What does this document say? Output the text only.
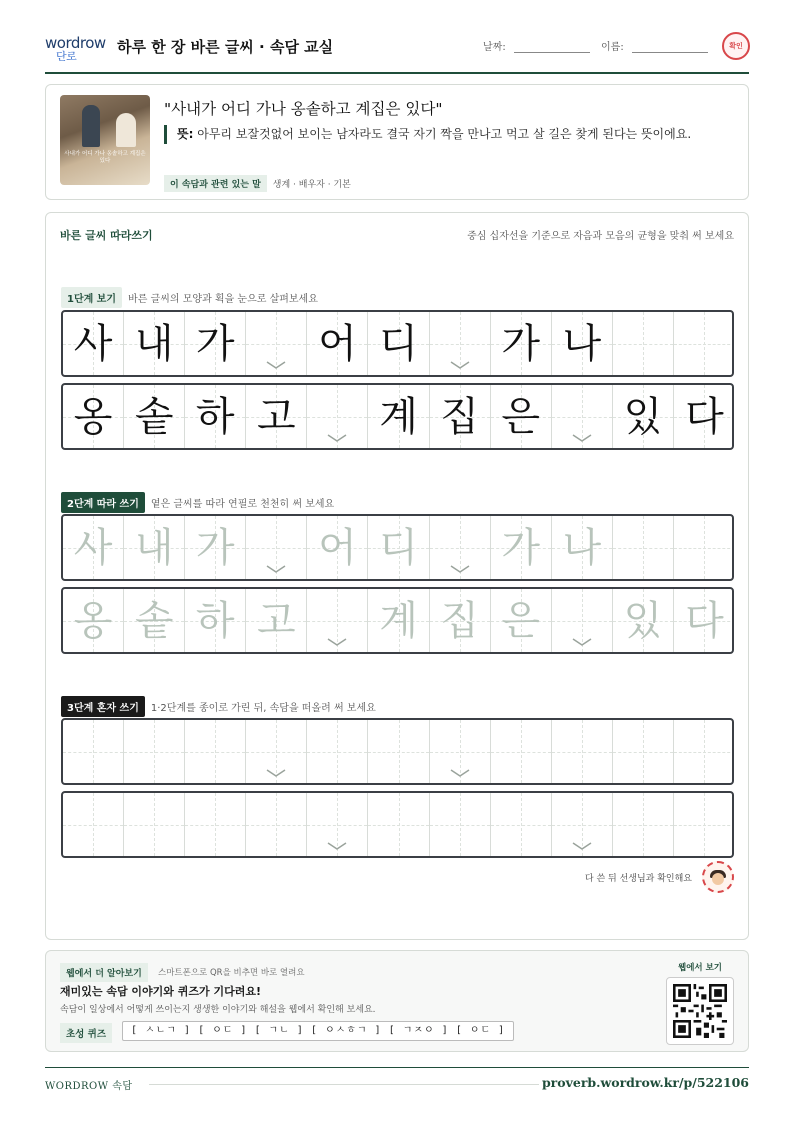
wordrow
단로
하루 한 장 바른 글씨 · 속담 교실	날짜:	이름:	확인
사내가 어디 가나 옹솥하고 계집은 있다
"사내가 어디 가나 옹솥하고 계집은 있다"
뜻: 아무리 보잘것없어 보이는 남자라도 결국 자기 짝을 만나고 먹고 살 길은 찾게 된다는 뜻이에요.
이 속담과 관련 있는 말 생계 · 배우자 · 기본
바른 글씨 따라쓰기	중심 십자선을 기준으로 자음과 모음의 균형을 맞춰 써 보세요
1단계 보기 바른 글씨의 모양과 획을 눈으로 살펴보세요
사 내 가 어 디 가 나
옹 솥 하 고 계 집 은 있 다
2단계 따라 쓰기 옅은 글씨를 따라 연필로 천천히 써 보세요
사 내 가 어 디 가 나
옹 솥 하 고 계 집 은 있 다
3단계 혼자 쓰기 1·2단계를 종이로 가린 뒤, 속담을 떠올려 써 보세요
다 쓴 뒤 선생님과 확인해요
웹에서 더 알아보기	스마트폰으로 QR을 비추면 바로 열려요
재미있는 속담 이야기와 퀴즈가 기다려요!
속담이 일상에서 어떻게 쓰이는지 생생한 이야기와 해설을 웹에서 확인해 보세요.
초성 퀴즈	[ ㅅㄴㄱ ] [ ㅇㄷ ] [ ㄱㄴ ] [ ㅇㅅㅎㄱ ] [ ㄱㅈㅇ ] [ ㅇㄷ ]
웹에서 보기
WORDROW 속담	proverb.wordrow.kr/p/522106
